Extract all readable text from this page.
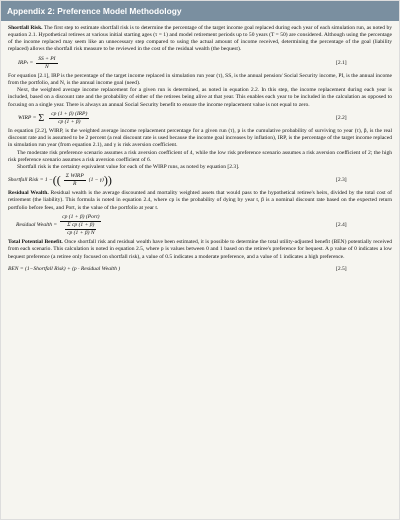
Appendix 2: Preference Model Methodology

Shortfall Risk. The first step to estimate shortfall risk is to determine the percentage of the target income goal replaced during each year of each simulation run, as noted by equation 2.1. Hypothetical retirees at various initial starting ages (τ = 1) and model retirement periods up to 50 years (T = 50) are considered. Although using the percentage of the income replaced may seem like an unnecessary step compared to using the actual amount of income received, determining the percentage of the goal (liability replaced) allows the shortfall risk measure to be reviewed in the cost of the residual wealth (the bequest).

IRP $\tau = \frac{SS + PI}{N}$	[2.1]

For equation [2.1], IRP is the percentage of the target income replaced in simulation run year (τ), SS, is the annual pension/ Social Security income, PI, is the annual income from the portfolio, and N, is the annual income goal (need).

Next, the weighted average income replacement for a given run is determined, as noted in equation 2.2. In this step, the income replacement during each year is included, based on a discount rate and the probability of either of the retirees being alive at that year. This enables each year to be included in the calculation as opposed to focusing on a single year. There is always an annual Social Security benefit to ensure the income replacement value is not equal to zero.

WIRP = Σ $\frac{\text{cp (1 + β) (IRP)}}{cp (1 + \beta)}$	[2.2]

In equation [2.2], WIRP, is the weighted average income replacement percentage for a given run (τ), p is the cumulative probability of surviving to year (τ), β, is the real discount rate and is assumed to be 2 percent (a real discount rate is used because the income goal increases by inflation), IRP, is the percentage of the target income replaced in simulation run year (from equation 2.1), and γ is risk aversion coefficient.

The moderate risk preference scenario assumes a risk aversion coefficient of 4, while the low risk preference scenario assumes a risk aversion coefficient of 2; the high risk preference scenario assumes a risk aversion coefficient of 6.

Shortfall risk is the certainty equivalent value for each of the WIRP runs, as noted by equation [2.3].

Shortfall Risk = 1 − (( $\frac{\text{Σ WIRP}}{R} (1 - \gamma)$ ))	[2.3]

Residual Wealth. Residual wealth is the average discounted and mortality weighted assets that would pass to the hypothetical retiree's heirs, divided by the total cost of retirement (the liability). This formula is noted in equation 2.4, where cp is the probability of dying by year t, β is a nominal discount rate based on the expected return portfolio before fees, and Port, is the value of the portfolio at year t.

Residual Wealth =
cp (1 + β) (Port)
Σ cp (1 + β)
cp (1 + β) N
[2.4]

Total Potential Benefit. Once shortfall risk and residual wealth have been estimated, it is possible to determine the total utility-adjusted benefit (BEN) potentially received from each scenario. This calculation is noted in equation 2.5, where p is values between 0 and 1 based on the retiree's preference for bequest. A p value of 0 indicates a low bequest preference (a retiree only focused on shortfall risk), a value of 0.5 indicates a moderate preference, and a value of 1 indicates a high preference.

BEN = (1−Shortfall Risk) + (p · Residual Wealth )	[2.5]
